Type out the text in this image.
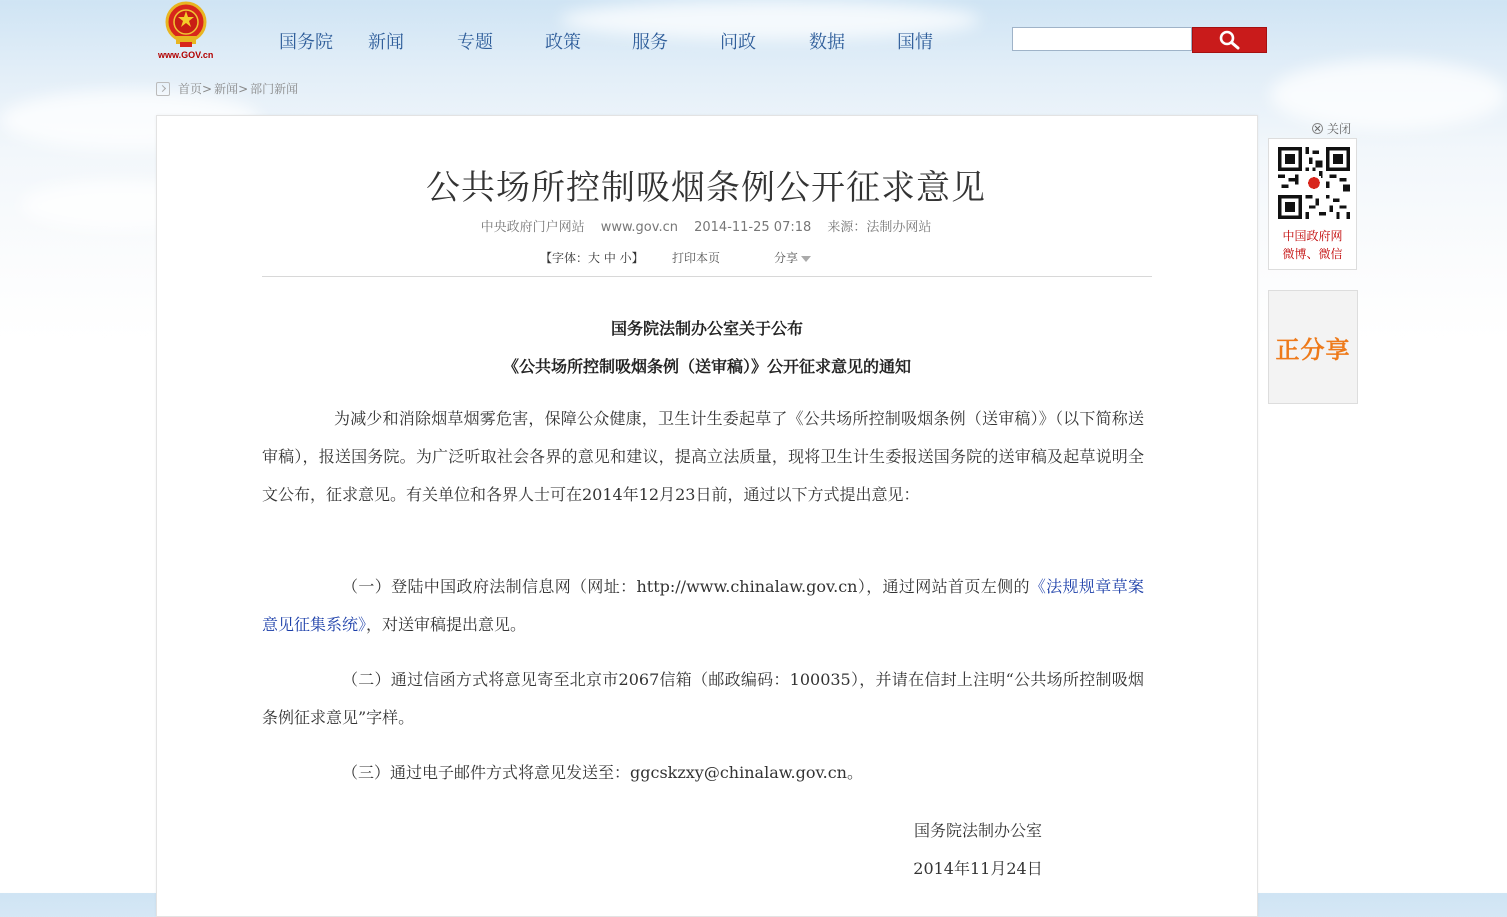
www.GOV.cn
国务院 新闻	专题	政策	服务	问政	数据	国情
首页> 新闻> 部门新闻
公共场所控制吸烟条例公开征求意见
中央政府门户网站 www.gov.cn 2014-11-25 07:18 来源：法制办网站
【字体：大 中 小】 打印本页	分享
国务院法制办公室关于公布
《公共场所控制吸烟条例（送审稿）》公开征求意见的通知
为减少和消除烟草烟雾危害，保障公众健康，卫生计生委起草了《公共场所控制吸烟条例（送审稿）》（以下简称送审稿），报送国务院。为广泛听取社会各界的意见和建议，提高立法质量，现将卫生计生委报送国务院的送审稿及起草说明全文公布，征求意见。有关单位和各界人士可在2014年12月23日前，通过以下方式提出意见：
（一）登陆中国政府法制信息网（网址：http://www.chinalaw.gov.cn），通过网站首页左侧的《法规规章草案意见征集系统》，对送审稿提出意见。
（二）通过信函方式将意见寄至北京市2067信箱（邮政编码：100035），并请在信封上注明“公共场所控制吸烟条例征求意见”字样。
（三）通过电子邮件方式将意见发送至：ggcskzxy@chinalaw.gov.cn。
国务院法制办公室
2014年11月24日
关闭
中国政府网
微博、微信
正分享
